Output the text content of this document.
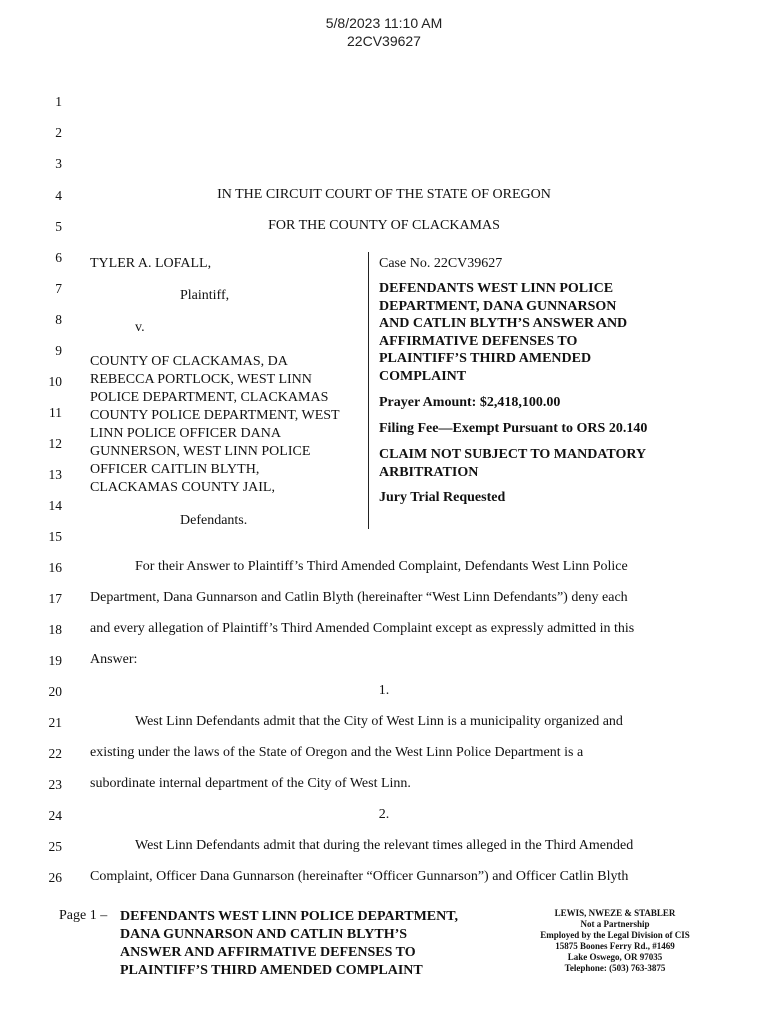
5/8/2023 11:10 AM
22CV39627
1
2
3
4
5
6
7
8
9
10
11
12
13
14
15
16
17
18
19
20
21
22
23
24
25
26
IN THE CIRCUIT COURT OF THE STATE OF OREGON
FOR THE COUNTY OF CLACKAMAS
TYLER A. LOFALL,
Plaintiff,
v.
COUNTY OF CLACKAMAS, DA
REBECCA PORTLOCK, WEST LINN
POLICE DEPARTMENT, CLACKAMAS
COUNTY POLICE DEPARTMENT, WEST
LINN POLICE OFFICER DANA
GUNNERSON, WEST LINN POLICE
OFFICER CAITLIN BLYTH,
CLACKAMAS COUNTY JAIL,
Defendants.
Case No. 22CV39627
DEFENDANTS WEST LINN POLICE
DEPARTMENT, DANA GUNNARSON
AND CATLIN BLYTH’S ANSWER AND
AFFIRMATIVE DEFENSES TO
PLAINTIFF’S THIRD AMENDED
COMPLAINT
Prayer Amount: $2,418,100.00
Filing Fee—Exempt Pursuant to ORS 20.140
CLAIM NOT SUBJECT TO MANDATORY
ARBITRATION
Jury Trial Requested
For their Answer to Plaintiff’s Third Amended Complaint, Defendants West Linn Police
Department, Dana Gunnarson and Catlin Blyth (hereinafter “West Linn Defendants”) deny each
and every allegation of Plaintiff’s Third Amended Complaint except as expressly admitted in this
Answer:
1.
West Linn Defendants admit that the City of West Linn is a municipality organized and
existing under the laws of the State of Oregon and the West Linn Police Department is a
subordinate internal department of the City of West Linn.
2.
West Linn Defendants admit that during the relevant times alleged in the Third Amended
Complaint, Officer Dana Gunnarson (hereinafter “Officer Gunnarson”) and Officer Catlin Blyth
Page 1 – DEFENDANTS WEST LINN POLICE DEPARTMENT,
DANA GUNNARSON AND CATLIN BLYTH’S
ANSWER AND AFFIRMATIVE DEFENSES TO
PLAINTIFF’S THIRD AMENDED COMPLAINT
LEWIS, NWEZE & STABLER
Not a Partnership
Employed by the Legal Division of CIS
15875 Boones Ferry Rd., #1469
Lake Oswego, OR 97035
Telephone: (503) 763-3875
